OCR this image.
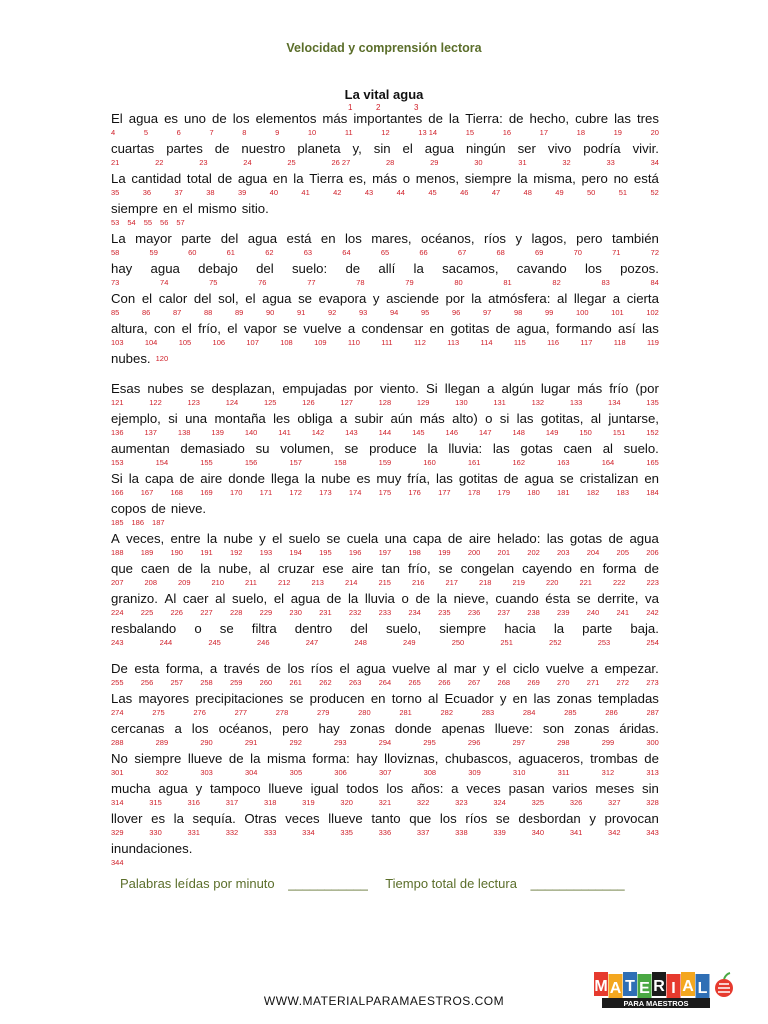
Velocidad y comprensión lectora
La vital agua
1	2	3
El agua es uno de los elementos más importantes de la Tierra: de hecho, cubre las tres
4	5	6	7	8	9	10	11	12	13 14	15	16	17	18	19	20
cuartas partes de nuestro planeta y, sin el agua ningún ser vivo podría vivir.
21	22	23	24	25	26 27	28	29	30	31	32	33	34
La cantidad total de agua en la Tierra es, más o menos, siempre la misma, pero no está
35	36	37	38	39	40	41	42	43	44	45	46	47	48	49	50	51	52
siempre en el mismo sitio.
53 54 55 56 57
La mayor parte del agua está en los mares, océanos, ríos y lagos, pero también
58	59	60	61	62	63	64	65	66	67	68	69	70	71	72
hay agua debajo del suelo: de allí la sacamos, cavando los pozos.
73	74	75	76	77	78	79	80	81	82	83	84
Con el calor del sol, el agua se evapora y asciende por la atmósfera: al llegar a cierta
85	86	87	88	89	90	91	92	93	94	95	96	97	98	99	100	101	102
altura, con el frío, el vapor se vuelve a condensar en gotitas de agua, formando así las
103	104	105	106	107	108	109	110	111	112	113	114	115	116	117	118	119
nubes. 120
Esas nubes se desplazan, empujadas por viento. Si llegan a algún lugar más frío (por
121	122	123	124	125	126	127	128	129	130	131	132	133	134	135
ejemplo, si una montaña les obliga a subir aún más alto) o si las gotitas, al juntarse,
136	137	138	139	140	141	142	143	144	145	146	147	148	149	150	151	152
aumentan demasiado su volumen, se produce la lluvia: las gotas caen al suelo.
153	154	155	156	157	158	159	160	161	162	163	164	165
Si la capa de aire donde llega la nube es muy fría, las gotitas de agua se cristalizan en
166 167 168 169 170 171 172 173 174 175 176 177 178 179 180 181 182 183 184
copos de nieve.
185 186 187
A veces, entre la nube y el suelo se cuela una capa de aire helado: las gotas de agua
188 189 190 191 192 193 194 195 196 197 198 199 200 201 202 203 204 205 206
que caen de la nube, al cruzar ese aire tan frío, se congelan cayendo en forma de
207	208	209	210	211	212	213	214	215	216	217	218	219	220	221	222	223
granizo. Al caer al suelo, el agua de la lluvia o de la nieve, cuando ésta se derrite, va
224 225 226 227 228 229 230 231 232 233 234 235 236 237 238 239 240 241 242
resbalando o se filtra dentro del suelo, siempre hacia la parte baja.
243	244	245	246	247	248	249	250	251	252	253	254
De esta forma, a través de los ríos el agua vuelve al mar y el ciclo vuelve a empezar.
255 256 257 258 259 260 261 262 263 264 265 266 267 268 269 270 271 272 273
Las mayores precipitaciones se producen en torno al Ecuador y en las zonas templadas
274	275	276	277	278	279	280	281	282	283	284	285	286	287
cercanas a los océanos, pero hay zonas donde apenas llueve: son zonas áridas.
288	289	290	291	292	293	294	295	296	297	298	299	300
No siempre llueve de la misma forma: hay lloviznas, chubascos, aguaceros, trombas de
301	302	303	304	305	306	307	308	309	310	311	312	313
mucha agua y tampoco llueve igual todos los años: a veces pasan varios meses sin
314	315	316	317	318	319	320	321	322	323	324	325	326	327	328
llover es la sequía. Otras veces llueve tanto que los ríos se desbordan y provocan
329	330	331	332	333	334	335	336	337	338	339	340	341	342	343
inundaciones.
344
Palabras leídas por minuto ___________ Tiempo total de lectura _____________
M A T E R I A L
PARA MAESTROS
WWW.MATERIALPARAMAESTROS.COM
